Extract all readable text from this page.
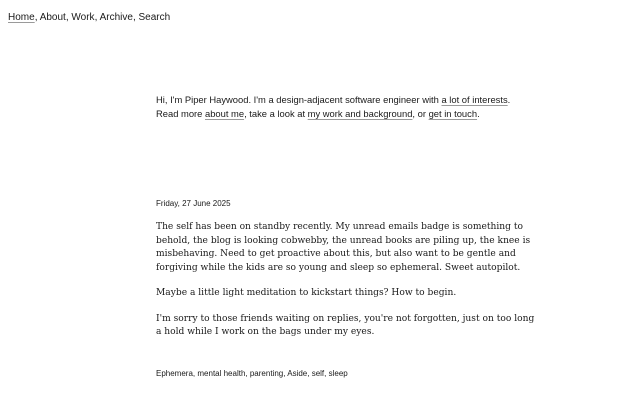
Home, About, Work, Archive, Search
Hi, I'm Piper Haywood. I'm a design-adjacent software engineer with a lot of interests.
Read more about me, take a look at my work and background, or get in touch.
Friday, 27 June 2025

The self has been on standby recently. My unread emails badge is something to
behold, the blog is looking cobwebby, the unread books are piling up, the knee is
misbehaving. Need to get proactive about this, but also want to be gentle and
forgiving while the kids are so young and sleep so ephemeral. Sweet autopilot.

Maybe a little light meditation to kickstart things? How to begin.

I'm sorry to those friends waiting on replies, you're not forgotten, just on too long
a hold while I work on the bags under my eyes.

Ephemera, mental health, parenting, Aside, self, sleep
